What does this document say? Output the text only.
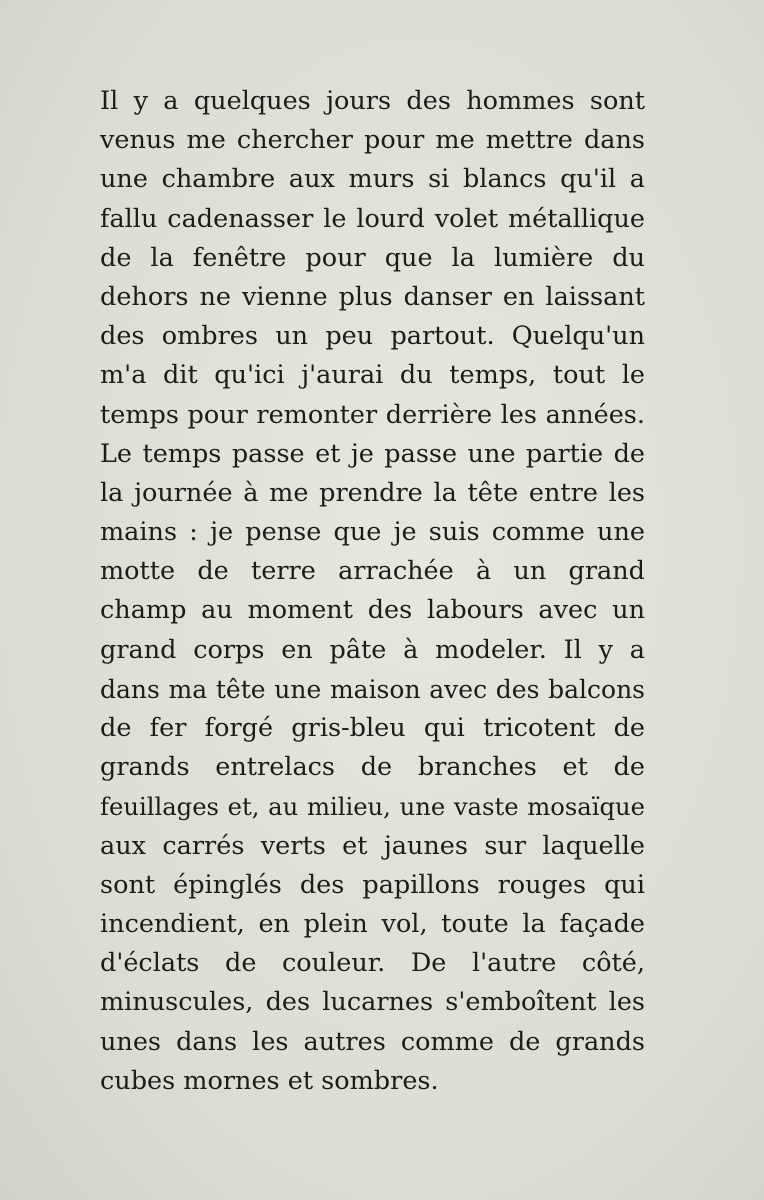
Il y a quelques jours des hommes sont
venus me chercher pour me mettre dans
une chambre aux murs si blancs qu'il a
fallu cadenasser le lourd volet métallique
de la fenêtre pour que la lumière du
dehors ne vienne plus danser en laissant
des ombres un peu partout. Quelqu'un
m'a dit qu'ici j'aurai du temps, tout le
temps pour remonter derrière les années.
Le temps passe et je passe une partie de
la journée à me prendre la tête entre les
mains : je pense que je suis comme une
motte de terre arrachée à un grand
champ au moment des labours avec un
grand corps en pâte à modeler. Il y a
dans ma tête une maison avec des balcons
de fer forgé gris-bleu qui tricotent de
grands entrelacs de branches et de
feuillages et, au milieu, une vaste mosaïque
aux carrés verts et jaunes sur laquelle
sont épinglés des papillons rouges qui
incendient, en plein vol, toute la façade
d'éclats de couleur. De l'autre côté,
minuscules, des lucarnes s'emboîtent les
unes dans les autres comme de grands
cubes mornes et sombres.
